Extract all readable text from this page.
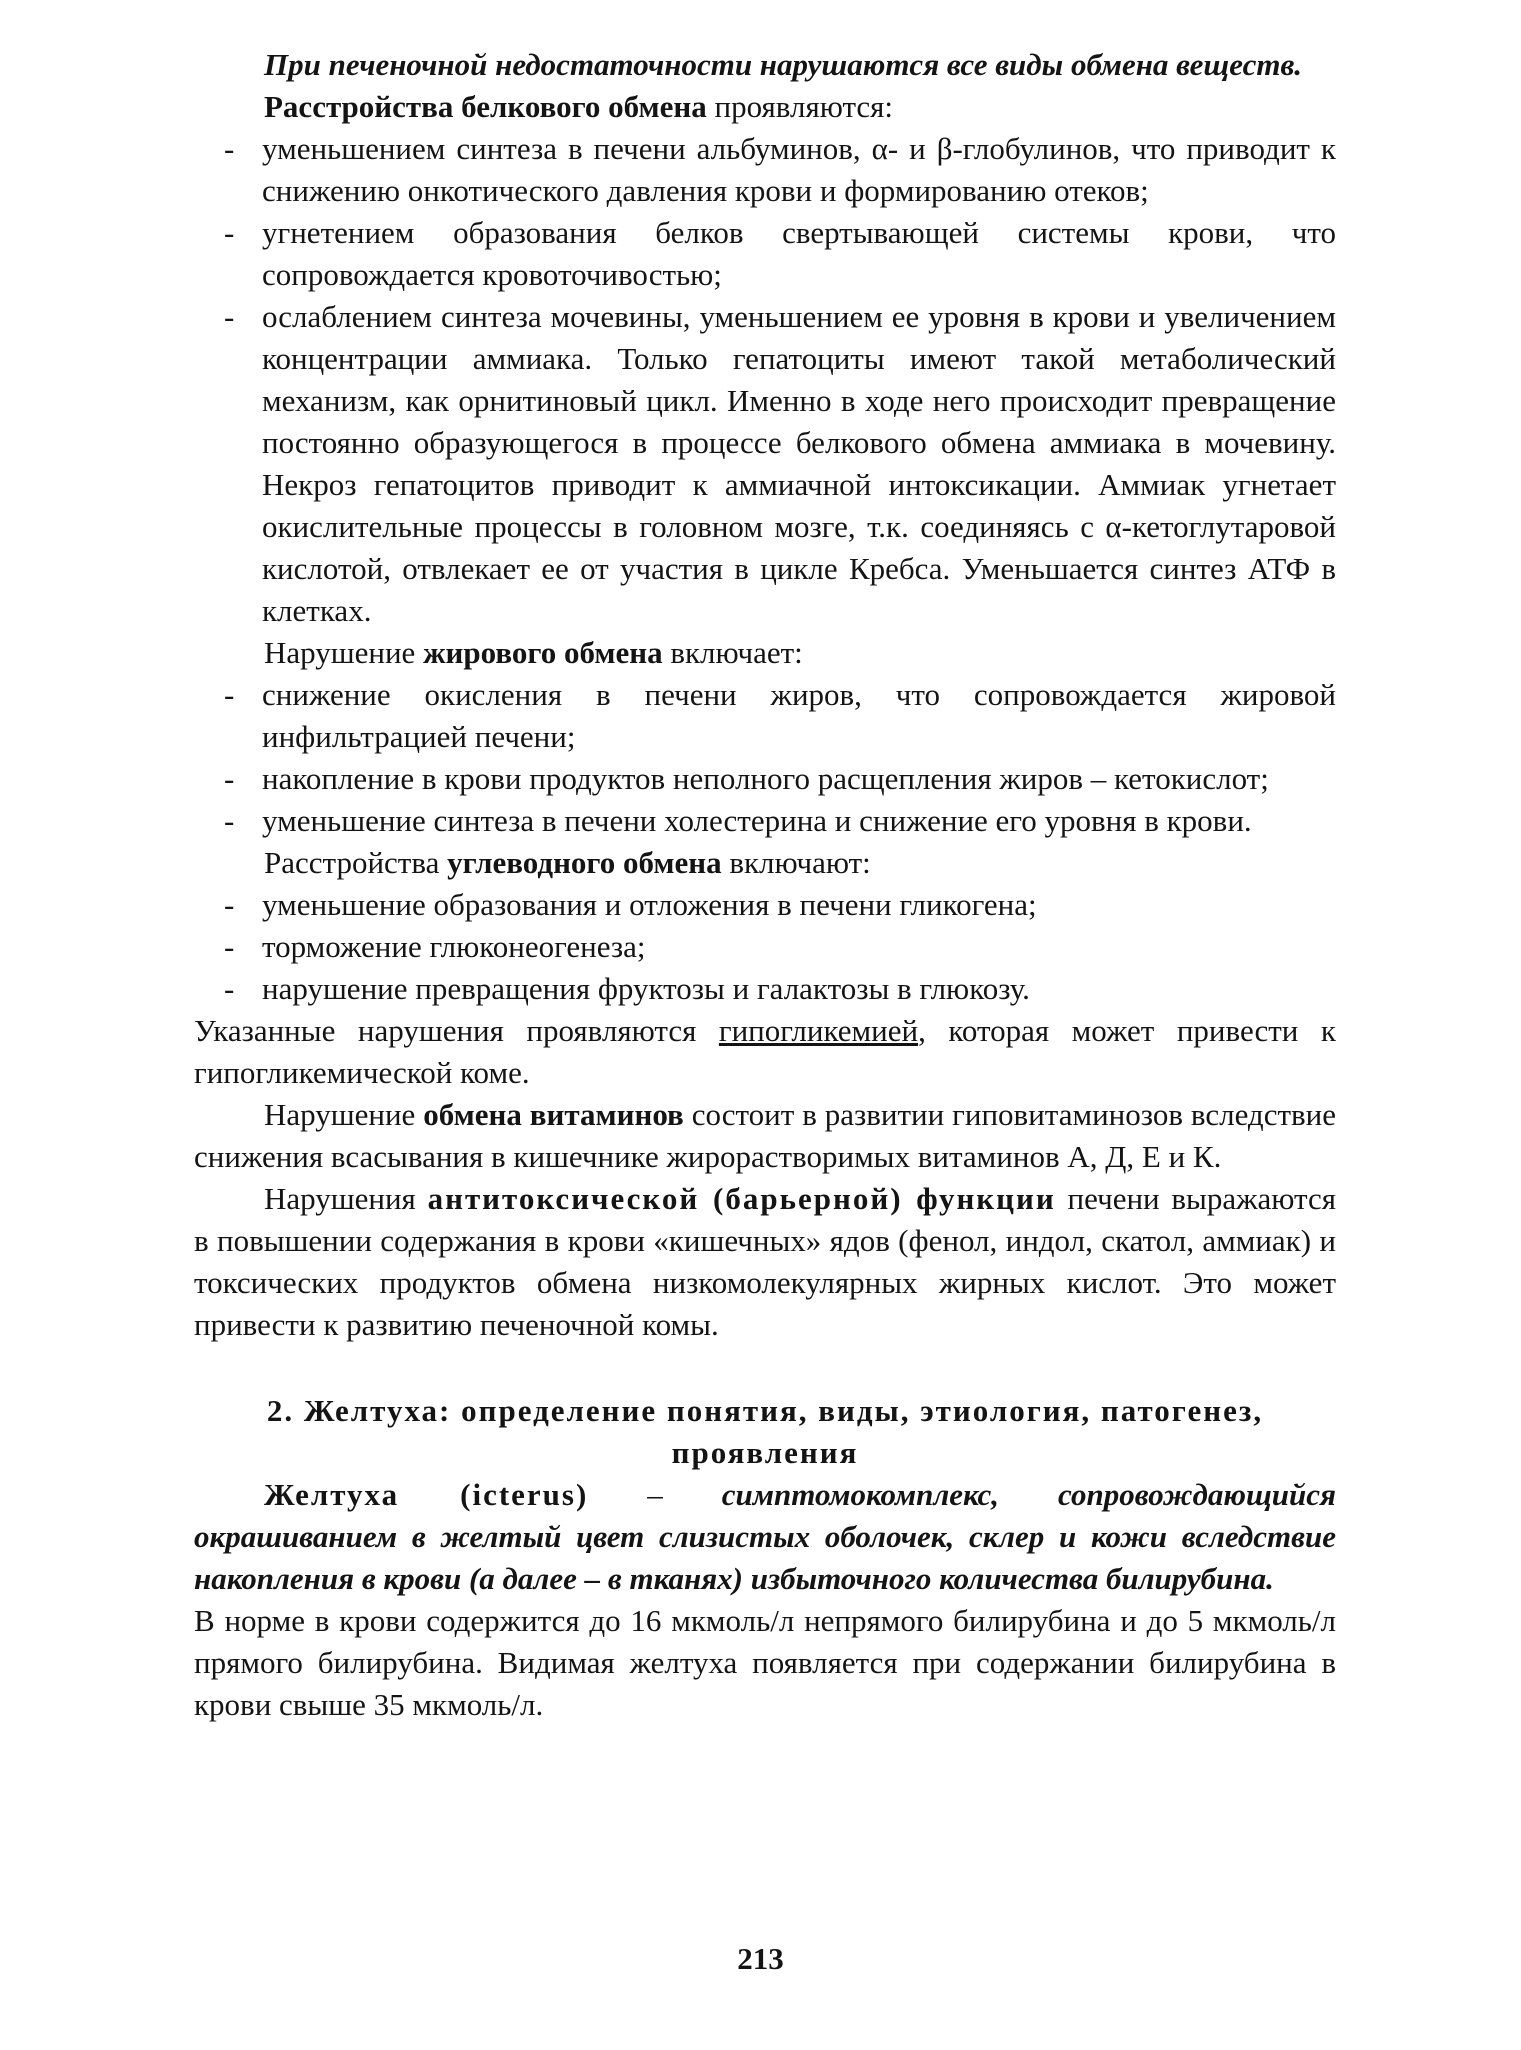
При печеночной недостаточности нарушаются все виды обмена веществ.

Расстройства белкового обмена проявляются:

- уменьшением синтеза в печени альбуминов, α- и β-глобулинов, что приводит к снижению онкотического давления крови и формированию отеков;
- угнетением образования белков свертывающей системы крови, что сопровождается кровоточивостью;
- ослаблением синтеза мочевины, уменьшением ее уровня в крови и увеличением концентрации аммиака. Только гепатоциты имеют такой метаболический механизм, как орнитиновый цикл. Именно в ходе него происходит превращение постоянно образующегося в процессе белкового обмена аммиака в мочевину. Некроз гепатоцитов приводит к аммиачной интоксикации. Аммиак угнетает окислительные процессы в головном мозге, т.к. соединяясь с α-кетоглутаровой кислотой, отвлекает ее от участия в цикле Кребса. Уменьшается синтез АТФ в клетках.

Нарушение жирового обмена включает:

- снижение окисления в печени жиров, что сопровождается жировой инфильтрацией печени;
- накопление в крови продуктов неполного расщепления жиров – кетокислот;
- уменьшение синтеза в печени холестерина и снижение его уровня в крови.

Расстройства углеводного обмена включают:

- уменьшение образования и отложения в печени гликогена;
- торможение глюконеогенеза;
- нарушение превращения фруктозы и галактозы в глюкозу.

Указанные нарушения проявляются гипогликемией, которая может привести к гипогликемической коме.

Нарушение обмена витаминов состоит в развитии гиповитаминозов вследствие снижения всасывания в кишечнике жирорастворимых витаминов А, Д, Е и К.

Нарушения антитоксической (барьерной) функции печени выражаются в повышении содержания в крови «кишечных» ядов (фенол, индол, скатол, аммиак) и токсических продуктов обмена низкомолекулярных жирных кислот. Это может привести к развитию печеночной комы.

2. Желтуха: определение понятия, виды, этиология, патогенез, проявления

Желтуха (icterus) – симптомокомплекс, сопровождающийся окрашиванием в желтый цвет слизистых оболочек, склер и кожи вследствие накопления в крови (а далее – в тканях) избыточного количества билирубина.

В норме в крови содержится до 16 мкмоль/л непрямого билирубина и до 5 мкмоль/л прямого билирубина. Видимая желтуха появляется при содержании билирубина в крови свыше 35 мкмоль/л.

213
